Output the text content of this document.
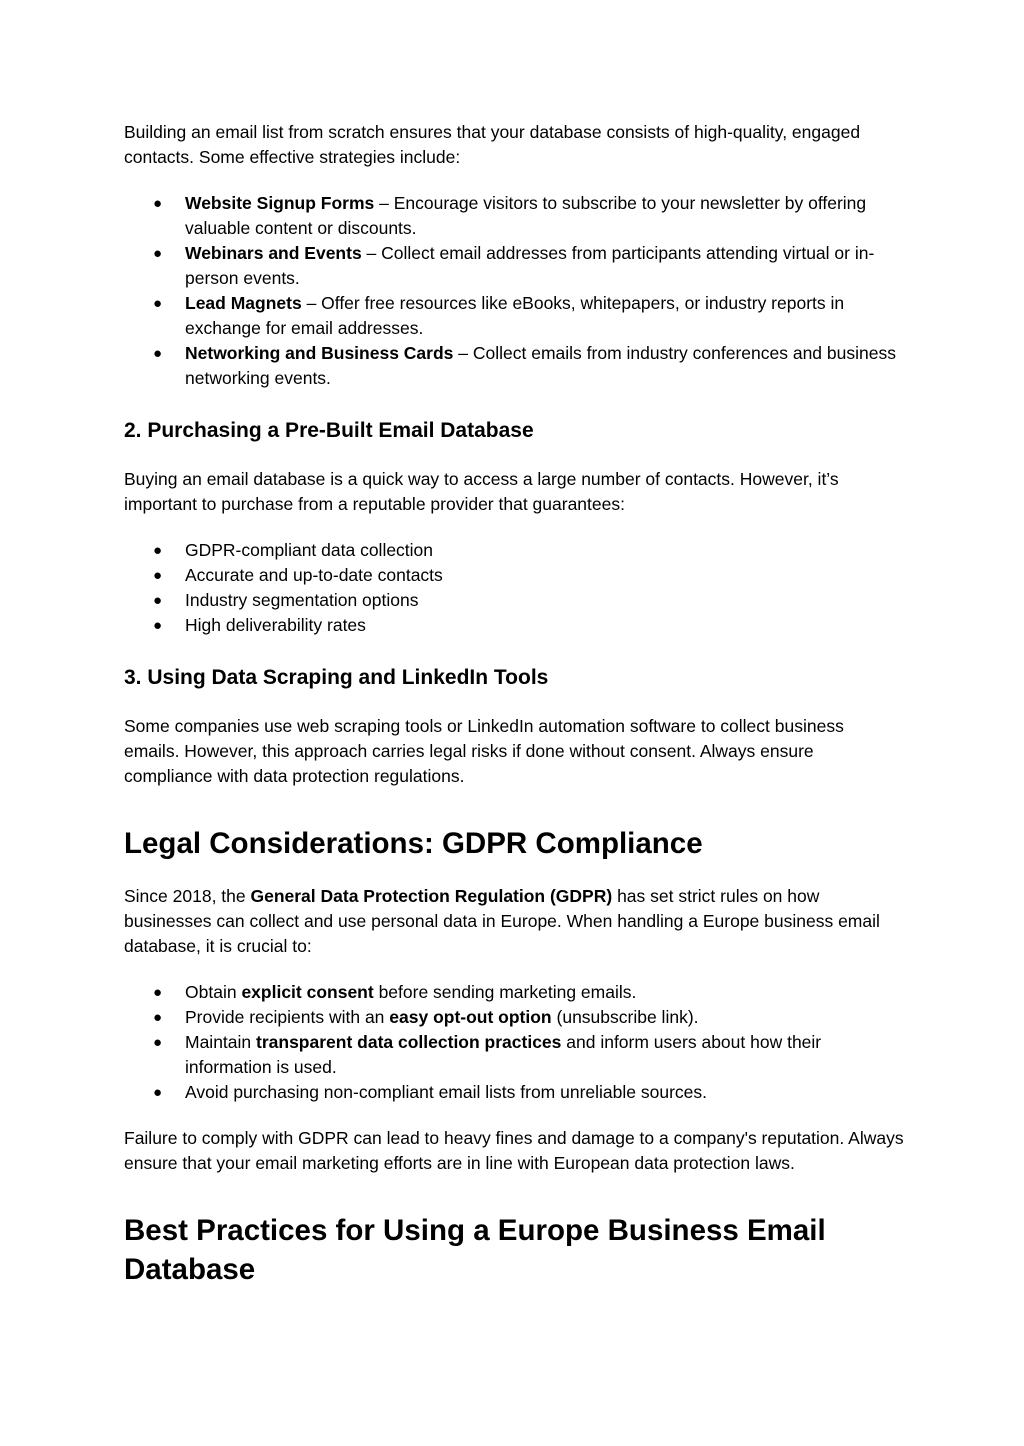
Building an email list from scratch ensures that your database consists of high-quality, engaged contacts. Some effective strategies include:

● Website Signup Forms – Encourage visitors to subscribe to your newsletter by offering valuable content or discounts.
● Webinars and Events – Collect email addresses from participants attending virtual or in-person events.
● Lead Magnets – Offer free resources like eBooks, whitepapers, or industry reports in exchange for email addresses.
● Networking and Business Cards – Collect emails from industry conferences and business networking events.
2. Purchasing a Pre-Built Email Database

Buying an email database is a quick way to access a large number of contacts. However, it’s important to purchase from a reputable provider that guarantees:

● GDPR-compliant data collection
● Accurate and up-to-date contacts
● Industry segmentation options
● High deliverability rates
3. Using Data Scraping and LinkedIn Tools

Some companies use web scraping tools or LinkedIn automation software to collect business emails. However, this approach carries legal risks if done without consent. Always ensure compliance with data protection regulations.

Legal Considerations: GDPR Compliance

Since 2018, the General Data Protection Regulation (GDPR) has set strict rules on how businesses can collect and use personal data in Europe. When handling a Europe business email database, it is crucial to:

● Obtain explicit consent before sending marketing emails.
● Provide recipients with an easy opt-out option (unsubscribe link).
● Maintain transparent data collection practices and inform users about how their information is used.
● Avoid purchasing non-compliant email lists from unreliable sources.

Failure to comply with GDPR can lead to heavy fines and damage to a company's reputation. Always ensure that your email marketing efforts are in line with European data protection laws.

Best Practices for Using a Europe Business Email Database
